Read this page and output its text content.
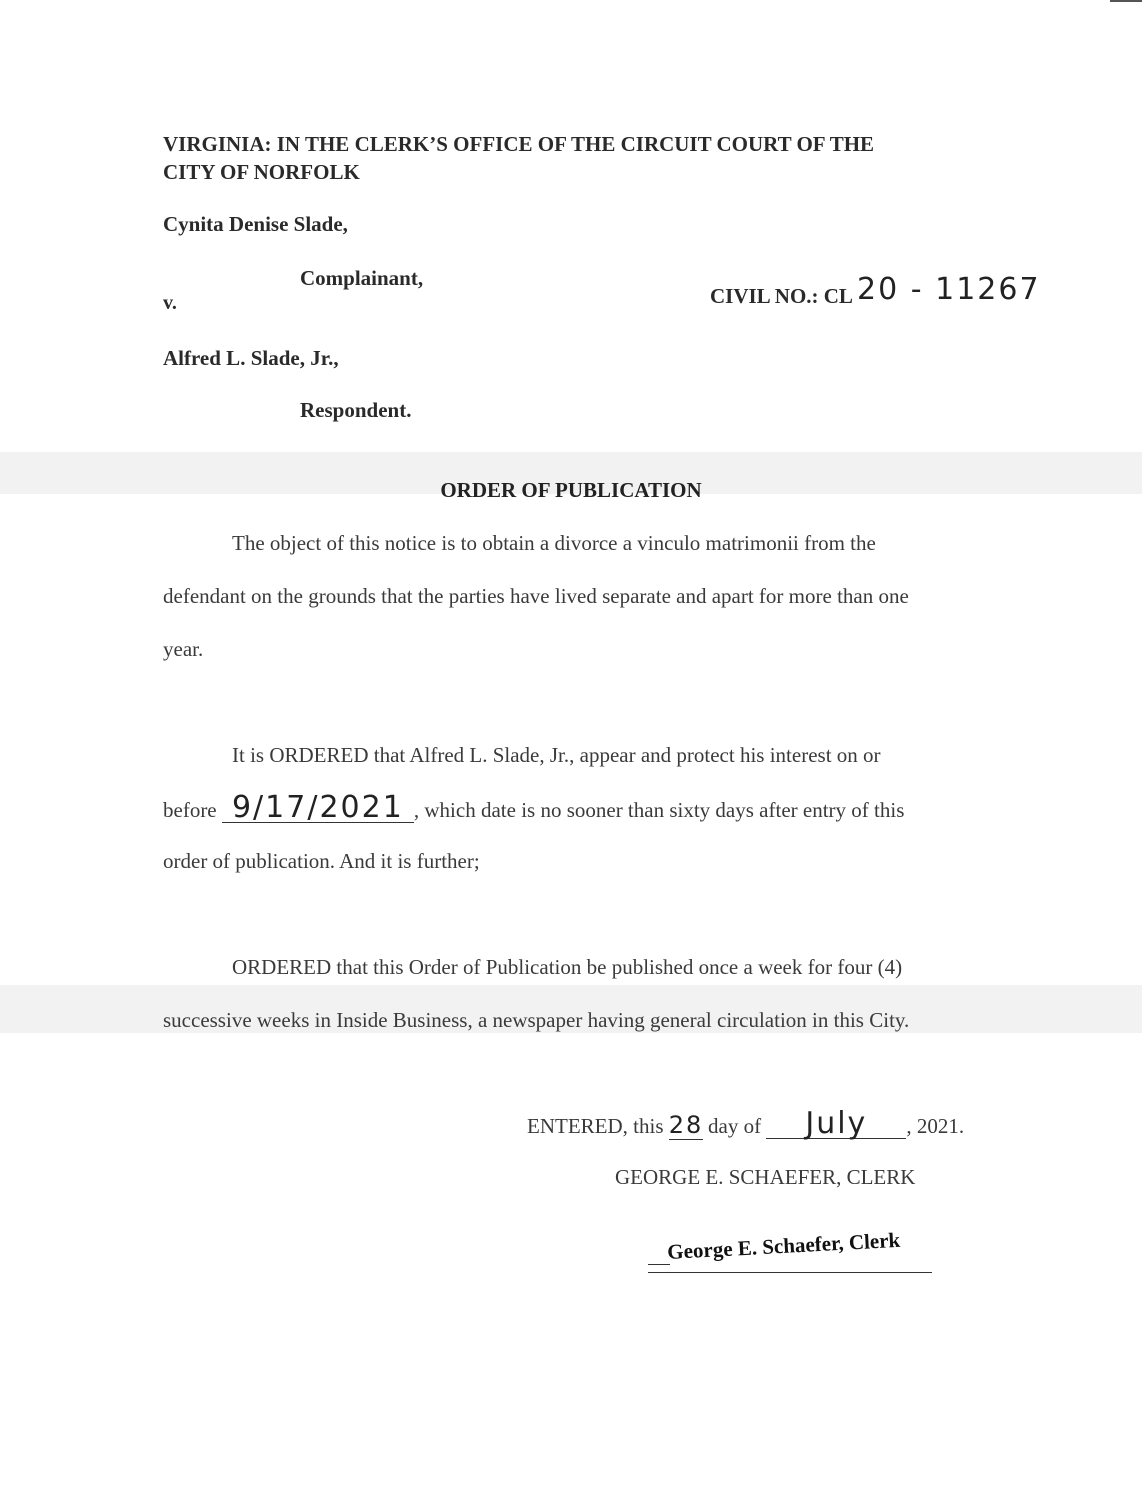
VIRGINIA: IN THE CLERK’S OFFICE OF THE CIRCUIT COURT OF THE
CITY OF NORFOLK
Cynita Denise Slade,
Complainant,
v.	CIVIL NO.: CL 20 - 11267
Alfred L. Slade, Jr.,
Respondent.
ORDER OF PUBLICATION
The object of this notice is to obtain a divorce a vinculo matrimonii from the
defendant on the grounds that the parties have lived separate and apart for more than one
year.
It is ORDERED that Alfred L. Slade, Jr., appear and protect his interest on or
before 9/17/2021 , which date is no sooner than sixty days after entry of this
order of publication. And it is further;
ORDERED that this Order of Publication be published once a week for four (4)
successive weeks in Inside Business, a newspaper having general circulation in this City.
ENTERED, this 28 day of July , 2021.
GEORGE E. SCHAEFER, CLERK
George E. Schaefer, Clerk
